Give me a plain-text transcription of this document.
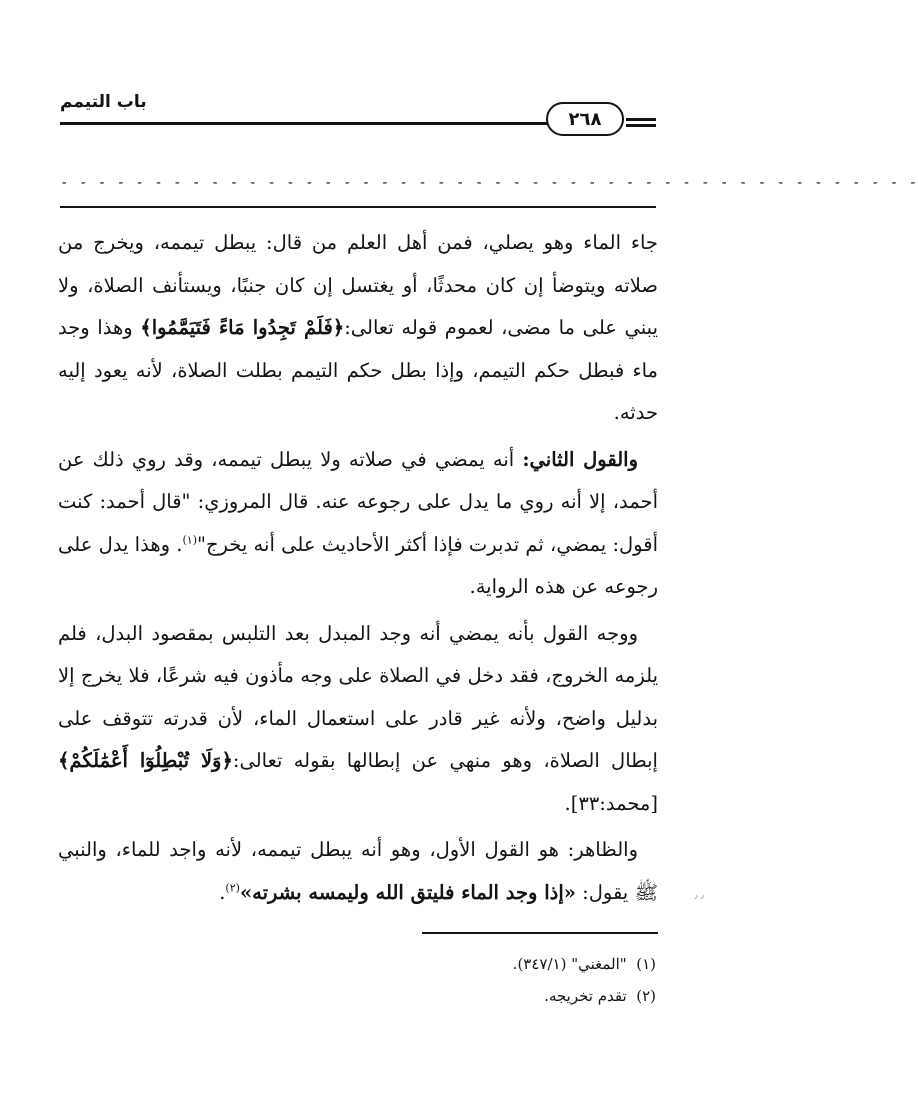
باب التيمم
٢٦٨
- - - - - - - - - - - - - - - - - - - - - - - - - - - - - - - - - - - - - - - - - - - - - -

جاء الماء وهو يصلي، فمن أهل العلم من قال: يبطل تيممه، ويخرج من صلاته ويتوضأ إن كان محدثًا، أو يغتسل إن كان جنبًا، ويستأنف الصلاة، ولا يبني على ما مضى، لعموم قوله تعالى:﴿فَلَمْ تَجِدُوا مَاءً فَتَيَمَّمُوا﴾ وهذا وجد ماء فبطل حكم التيمم، وإذا بطل حكم التيمم بطلت الصلاة، لأنه يعود إليه حدثه.

والقول الثاني: أنه يمضي في صلاته ولا يبطل تيممه، وقد روي ذلك عن أحمد، إلا أنه روي ما يدل على رجوعه عنه. قال المروزي: "قال أحمد: كنت أقول: يمضي، ثم تدبرت فإذا أكثر الأحاديث على أنه يخرج"$^{(١)}$. وهذا يدل على رجوعه عن هذه الرواية.

ووجه القول بأنه يمضي أنه وجد المبدل بعد التلبس بمقصود البدل، فلم يلزمه الخروج، فقد دخل في الصلاة على وجه مأذون فيه شرعًا، فلا يخرج إلا بدليل واضح، ولأنه غير قادر على استعمال الماء، لأن قدرته تتوقف على إبطال الصلاة، وهو منهي عن إبطالها بقوله تعالى:﴿وَلَا تُبْطِلُوٓا أَعْمَٰلَكُمْ﴾[محمد:٣٣].

والظاهر: هو القول الأول، وهو أنه يبطل تيممه، لأنه واجد للماء، والنبي ﷺ يقول: «إذا وجد الماء فليتق الله وليمسه بشرته»$^{(٢)}$.	٫ ٫
(١)  "المغني" (٣٤٧/١).
(٢)  تقدم تخريجه.
